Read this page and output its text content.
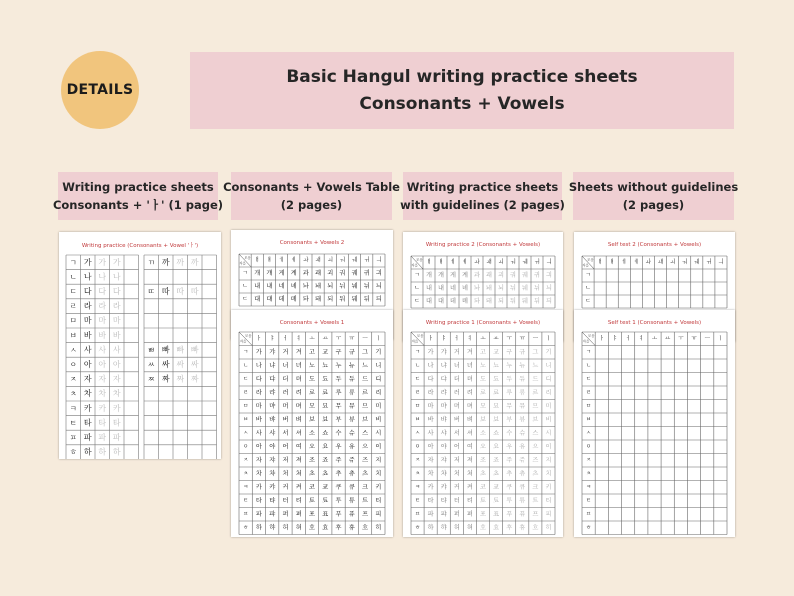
DETAILS
Basic Hangul writing practice sheets
Consonants + Vowels
Writing practice sheets
Consonants + 'ㅏ' (1 page)
Consonants + Vowels Table
(2 pages)
Writing practice sheets
with guidelines (2 pages)
Sheets without guidelines
(2 pages)
Writing practice (Consonants + Vowel 'ㅏ')
ㄱ 가 가 가
ㄴ 나 나 나
ㄷ 다 다 다
ㄹ 라 라 라
ㅁ 마 마 마
ㅂ 바 바 바
ㅅ 사 사 사
ㅇ 아 아 아
ㅈ 자 자 자
ㅊ 차 차 차
ㅋ 카 카 카
ㅌ 타 타 타
ㅍ 파 파 파
ㅎ 하 하 하
ㄲ 까 까 까
ㄸ 따 따 따
ㅃ 빠 빠 빠
ㅆ 싸 싸 싸
ㅉ 짜 짜 짜
Consonants + Vowels 2
모음
자음 ㅐ ㅒ ㅔ ㅖ ㅘ ㅙ ㅚ ㅝ ㅞ ㅟ ㅢ
ㄱ 개 걔 게 계 과 괘 괴 궈 궤 귀 긔
ㄴ 내 냬 네 녜 놔 놰 뇌 눠 눼 뉘 늬
ㄷ 대 댸 데 뎨 돠 돼 되 둬 뒈 뒤 듸
Consonants + Vowels 1
모음
자음 ㅏ ㅑ ㅓ ㅕ ㅗ ㅛ ㅜ ㅠ ㅡ ㅣ
ㄱ 가 갸 거 겨 고 교 구 규 그 기
ㄴ 나 냐 너 녀 노 뇨 누 뉴 느 니
ㄷ 다 댜 더 뎌 도 됴 두 듀 드 디
ㄹ 라 랴 러 려 로 료 루 류 르 리
ㅁ 마 먀 머 며 모 묘 무 뮤 므 미
ㅂ 바 뱌 버 벼 보 뵤 부 뷰 브 비
ㅅ 사 샤 서 셔 소 쇼 수 슈 스 시
ㅇ 아 야 어 여 오 요 우 유 으 이
ㅈ 자 쟈 저 져 조 죠 주 쥬 즈 지
ㅊ 차 챠 처 쳐 초 쵸 추 츄 츠 치
ㅋ 카 캬 커 켜 코 쿄 쿠 큐 크 키
ㅌ 타 탸 터 텨 토 툐 투 튜 트 티
ㅍ 파 퍄 퍼 펴 포 표 푸 퓨 프 피
ㅎ 하 햐 허 혀 호 효 후 휴 흐 히
Writing practice 2 (Consonants + Vowels)
모음
자음 ㅐ ㅒ ㅔ ㅖ ㅘ ㅙ ㅚ ㅝ ㅞ ㅟ ㅢ
ㄱ 개 걔 게 계 과 괘 괴 궈 궤 귀 긔
ㄴ 내 냬 네 녜 놔 놰 뇌 눠 눼 뉘 늬
ㄷ 대 댸 데 뎨 돠 돼 되 둬 뒈 뒤 듸
Writing practice 1 (Consonants + Vowels)
모음
자음 ㅏ ㅑ ㅓ ㅕ ㅗ ㅛ ㅜ ㅠ ㅡ ㅣ
ㄱ 가 갸 거 겨 고 교 구 규 그 기
ㄴ 나 냐 너 녀 노 뇨 누 뉴 느 니
ㄷ 다 댜 더 뎌 도 됴 두 듀 드 디
ㄹ 라 랴 러 려 로 료 루 류 르 리
ㅁ 마 먀 머 며 모 묘 무 뮤 므 미
ㅂ 바 뱌 버 벼 보 뵤 부 뷰 브 비
ㅅ 사 샤 서 셔 소 쇼 수 슈 스 시
ㅇ 아 야 어 여 오 요 우 유 으 이
ㅈ 자 쟈 저 져 조 죠 주 쥬 즈 지
ㅊ 차 챠 처 쳐 초 쵸 추 츄 츠 치
ㅋ 카 캬 커 켜 코 쿄 쿠 큐 크 키
ㅌ 타 탸 터 텨 토 툐 투 튜 트 티
ㅍ 파 퍄 퍼 펴 포 표 푸 퓨 프 피
ㅎ 하 햐 허 혀 호 효 후 휴 흐 히
Self test 2 (Consonants + Vowels)
모음
자음 ㅐ ㅒ ㅔ ㅖ ㅘ ㅙ ㅚ ㅝ ㅞ ㅟ ㅢ
ㄱ
ㄴ
ㄷ
Self test 1 (Consonants + Vowels)
모음
자음 ㅏ ㅑ ㅓ ㅕ ㅗ ㅛ ㅜ ㅠ ㅡ ㅣ
ㄱ
ㄴ
ㄷ
ㄹ
ㅁ
ㅂ
ㅅ
ㅇ
ㅈ
ㅊ
ㅋ
ㅌ
ㅍ
ㅎ
